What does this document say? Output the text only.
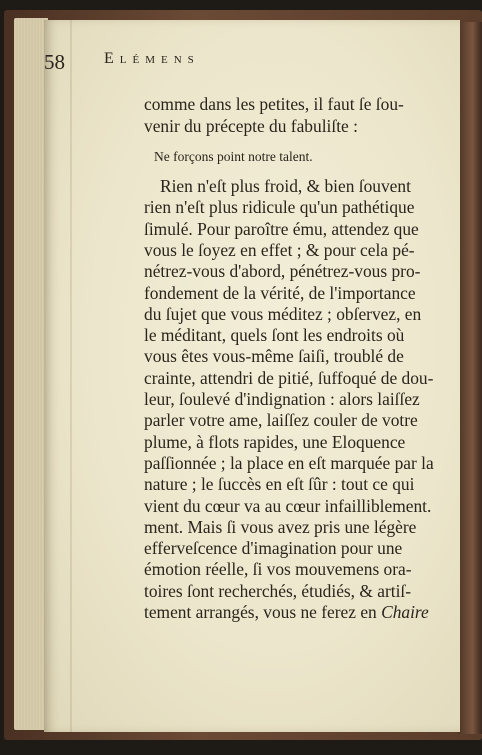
58 Elémens
comme dans les petites, il faut ſe ſou-
venir du précepte du fabuliſte :
Ne forçons point notre talent.
Rien n'eſt plus froid, & bien ſouvent
rien n'eſt plus ridicule qu'un pathétique
ſimulé. Pour paroître ému, attendez que
vous le ſoyez en effet ; & pour cela pé-
nétrez-vous d'abord, pénétrez-vous pro-
fondement de la vérité, de l'importance
du ſujet que vous méditez ; obſervez, en
le méditant, quels ſont les endroits où
vous êtes vous-même ſaiſi, troublé de
crainte, attendri de pitié, ſuffoqué de dou-
leur, ſoulevé d'indignation : alors laiſſez
parler votre ame, laiſſez couler de votre
plume, à flots rapides, une Eloquence
paſſionnée ; la place en eſt marquée par la
nature ; le ſuccès en eſt ſûr : tout ce qui
vient du cœur va au cœur infailliblement.
ment. Mais ſi vous avez pris une légère
efferveſcence d'imagination pour une
émotion réelle, ſi vos mouvemens ora-
toires ſont recherchés, étudiés, & artiſ-
tement arrangés, vous ne ferez en Chaire
